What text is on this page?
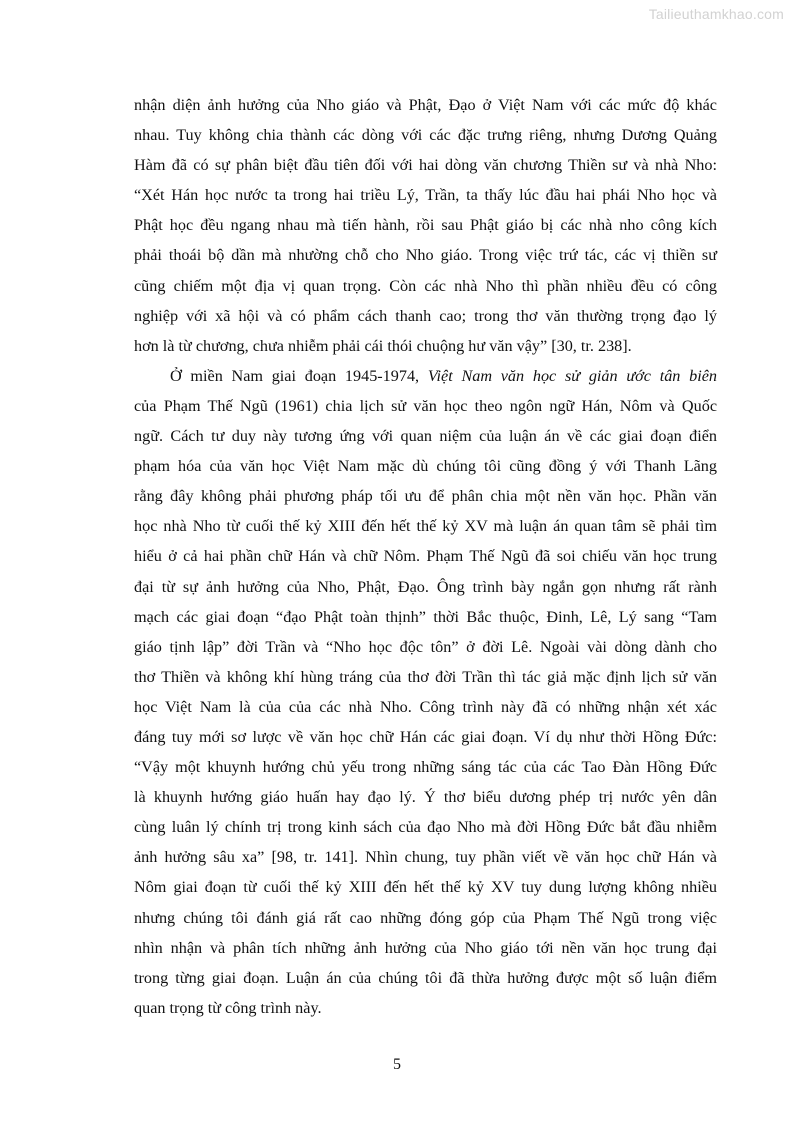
Tailieuthamkhao.com
nhận diện ảnh hưởng của Nho giáo và Phật, Đạo ở Việt Nam với các mức độ khác
nhau. Tuy không chia thành các dòng với các đặc trưng riêng, nhưng Dương Quảng
Hàm đã có sự phân biệt đầu tiên đối với hai dòng văn chương Thiền sư và nhà Nho:
“Xét Hán học nước ta trong hai triều Lý, Trần, ta thấy lúc đầu hai phái Nho học và
Phật học đều ngang nhau mà tiến hành, rồi sau Phật giáo bị các nhà nho công kích
phải thoái bộ dần mà nhường chỗ cho Nho giáo. Trong việc trứ tác, các vị thiền sư
cũng chiếm một địa vị quan trọng. Còn các nhà Nho thì phần nhiều đều có công
nghiệp với xã hội và có phẩm cách thanh cao; trong thơ văn thường trọng đạo lý
hơn là từ chương, chưa nhiễm phải cái thói chuộng hư văn vậy” [30, tr. 238].
Ở miền Nam giai đoạn 1945-1974, Việt Nam văn học sử giản ước tân biên
của Phạm Thế Ngũ (1961) chia lịch sử văn học theo ngôn ngữ Hán, Nôm và Quốc
ngữ. Cách tư duy này tương ứng với quan niệm của luận án về các giai đoạn điển
phạm hóa của văn học Việt Nam mặc dù chúng tôi cũng đồng ý với Thanh Lãng
rằng đây không phải phương pháp tối ưu để phân chia một nền văn học. Phần văn
học nhà Nho từ cuối thế kỷ XIII đến hết thế kỷ XV mà luận án quan tâm sẽ phải tìm
hiểu ở cả hai phần chữ Hán và chữ Nôm. Phạm Thế Ngũ đã soi chiếu văn học trung
đại từ sự ảnh hưởng của Nho, Phật, Đạo. Ông trình bày ngắn gọn nhưng rất rành
mạch các giai đoạn “đạo Phật toàn thịnh” thời Bắc thuộc, Đinh, Lê, Lý sang “Tam
giáo tịnh lập” đời Trần và “Nho học độc tôn” ở đời Lê. Ngoài vài dòng dành cho
thơ Thiền và không khí hùng tráng của thơ đời Trần thì tác giả mặc định lịch sử văn
học Việt Nam là của của các nhà Nho. Công trình này đã có những nhận xét xác
đáng tuy mới sơ lược về văn học chữ Hán các giai đoạn. Ví dụ như thời Hồng Đức:
“Vậy một khuynh hướng chủ yếu trong những sáng tác của các Tao Đàn Hồng Đức
là khuynh hướng giáo huấn hay đạo lý. Ý thơ biểu dương phép trị nước yên dân
cùng luân lý chính trị trong kinh sách của đạo Nho mà đời Hồng Đức bắt đầu nhiễm
ảnh hưởng sâu xa” [98, tr. 141]. Nhìn chung, tuy phần viết về văn học chữ Hán và
Nôm giai đoạn từ cuối thế kỷ XIII đến hết thế kỷ XV tuy dung lượng không nhiều
nhưng chúng tôi đánh giá rất cao những đóng góp của Phạm Thế Ngũ trong việc
nhìn nhận và phân tích những ảnh hưởng của Nho giáo tới nền văn học trung đại
trong từng giai đoạn. Luận án của chúng tôi đã thừa hưởng được một số luận điểm
quan trọng từ công trình này.
5
